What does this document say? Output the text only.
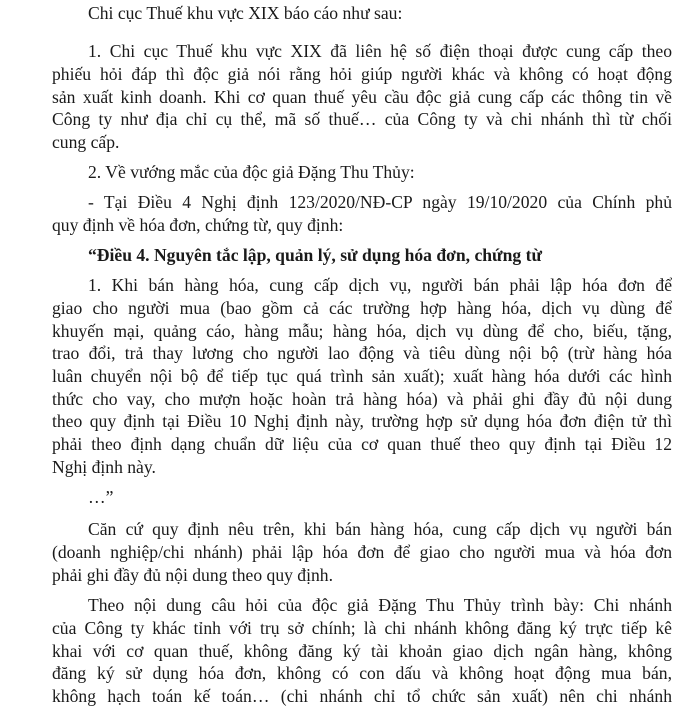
Chi cục Thuế khu vực XIX báo cáo như sau:

1. Chi cục Thuế khu vực XIX đã liên hệ số điện thoại được cung cấp theo

phiếu hỏi đáp thì độc giả nói rằng hỏi giúp người khác và không có hoạt động

sản xuất kinh doanh. Khi cơ quan thuế yêu cầu độc giả cung cấp các thông tin về

Công ty như địa chỉ cụ thể, mã số thuế… của Công ty và chi nhánh thì từ chối

cung cấp.

2. Về vướng mắc của độc giả Đặng Thu Thủy:

- Tại Điều 4 Nghị định 123/2020/NĐ-CP ngày 19/10/2020 của Chính phủ

quy định về hóa đơn, chứng từ, quy định:

“Điều 4. Nguyên tắc lập, quản lý, sử dụng hóa đơn, chứng từ

1. Khi bán hàng hóa, cung cấp dịch vụ, người bán phải lập hóa đơn để

giao cho người mua (bao gồm cả các trường hợp hàng hóa, dịch vụ dùng để

khuyến mại, quảng cáo, hàng mẫu; hàng hóa, dịch vụ dùng để cho, biếu, tặng,

trao đổi, trả thay lương cho người lao động và tiêu dùng nội bộ (trừ hàng hóa

luân chuyển nội bộ để tiếp tục quá trình sản xuất); xuất hàng hóa dưới các hình

thức cho vay, cho mượn hoặc hoàn trả hàng hóa) và phải ghi đầy đủ nội dung

theo quy định tại Điều 10 Nghị định này, trường hợp sử dụng hóa đơn điện tử thì

phải theo định dạng chuẩn dữ liệu của cơ quan thuế theo quy định tại Điều 12

Nghị định này.

…”

Căn cứ quy định nêu trên, khi bán hàng hóa, cung cấp dịch vụ người bán

(doanh nghiệp/chi nhánh) phải lập hóa đơn để giao cho người mua và hóa đơn

phải ghi đầy đủ nội dung theo quy định.

Theo nội dung câu hỏi của độc giả Đặng Thu Thủy trình bày: Chi nhánh

của Công ty khác tỉnh với trụ sở chính; là chi nhánh không đăng ký trực tiếp kê

khai với cơ quan thuế, không đăng ký tài khoản giao dịch ngân hàng, không

đăng ký sử dụng hóa đơn, không có con dấu và không hoạt động mua bán,

không hạch toán kế toán… (chi nhánh chỉ tổ chức sản xuất) nên chi nhánh
